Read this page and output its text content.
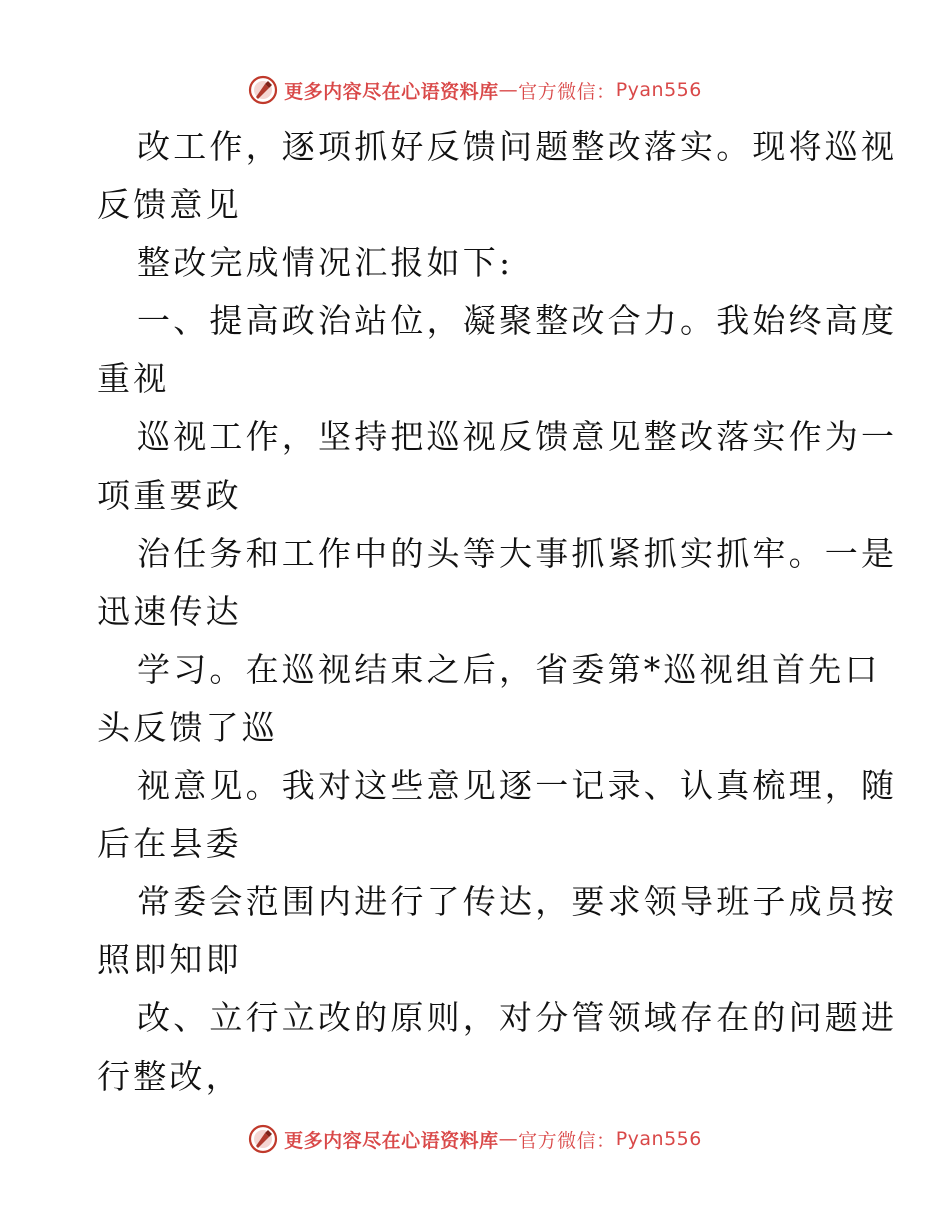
更多内容尽在心语资料库 — 官方微信： Pyan556
改工作，逐项抓好反馈问题整改落实。现将巡视
反馈意见
整改完成情况汇报如下:
一、提高政治站位，凝聚整改合力。我始终高度
重视
巡视工作，坚持把巡视反馈意见整改落实作为一
项重要政
治任务和工作中的头等大事抓紧抓实抓牢。一是
迅速传达
学习。在巡视结束之后，省委第*巡视组首先口
头反馈了巡
视意见。我对这些意见逐一记录、认真梳理，随
后在县委
常委会范围内进行了传达，要求领导班子成员按
照即知即
改、立行立改的原则，对分管领域存在的问题进
行整改，
更多内容尽在心语资料库 — 官方微信： Pyan556
